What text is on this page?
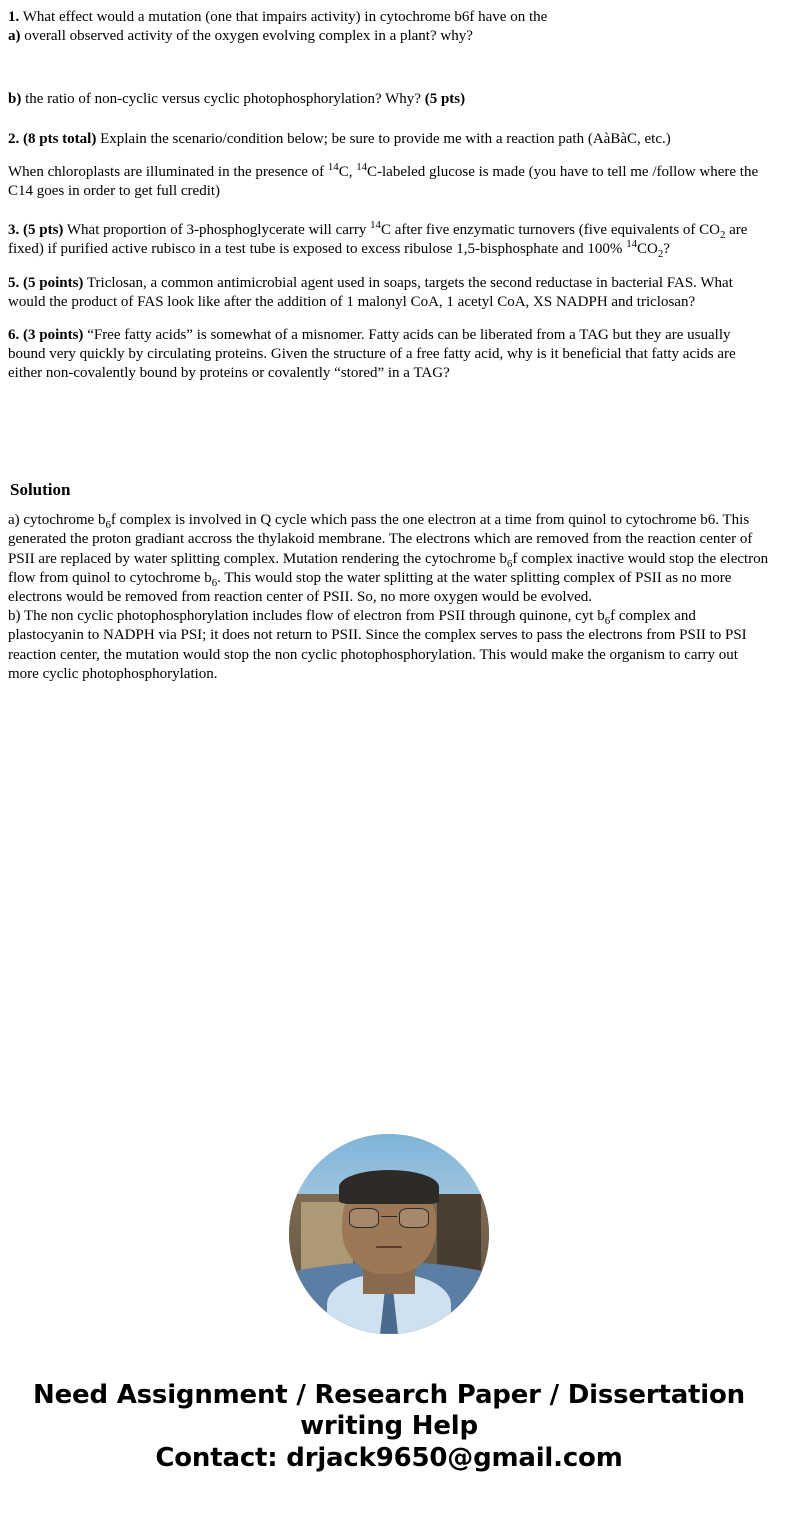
1. What effect would a mutation (one that impairs activity) in cytochrome b6f have on the

a) overall observed activity of the oxygen evolving complex in a plant? why?

b) the ratio of non-cyclic versus cyclic photophosphorylation? Why? (5 pts)

2. (8 pts total) Explain the scenario/condition below; be sure to provide me with a reaction path (AàBàC, etc.)

When chloroplasts are illuminated in the presence of $^{14}$C, $^{14}$C-labeled glucose is made (you have to tell me /follow where the C14 goes in order to get full credit)

3. (5 pts) What proportion of 3-phosphoglycerate will carry $^{14}$C after five enzymatic turnovers (five equivalents of $CO_2$ are fixed) if purified active rubisco in a test tube is exposed to excess ribulose 1,5-bisphosphate and 100% $^{14}CO_2$?

5. (5 points) Triclosan, a common antimicrobial agent used in soaps, targets the second reductase in bacterial FAS. What would the product of FAS look like after the addition of 1 malonyl CoA, 1 acetyl CoA, XS NADPH and triclosan?

6. (3 points) “Free fatty acids” is somewhat of a misnomer. Fatty acids can be liberated from a TAG but they are usually bound very quickly by circulating proteins. Given the structure of a free fatty acid, why is it beneficial that fatty acids are either non-covalently bound by proteins or covalently “stored” in a TAG?

Solution

a) cytochrome $b_6f$ complex is involved in Q cycle which pass the one electron at a time from quinol to cytochrome b6. This generated the proton gradiant accross the thylakoid membrane. The electrons which are removed from the reaction center of PSII are replaced by water splitting complex. Mutation rendering the cytochrome $b_6f$ complex inactive would stop the electron flow from quinol to cytochrome $b_6$. This would stop the water splitting at the water splitting complex of PSII as no more electrons would be removed from reaction center of PSII. So, no more oxygen would be evolved.

b) The non cyclic photophosphorylation includes flow of electron from PSII through quinone, cyt $b_6f$ complex and plastocyanin to NADPH via PSI; it does not return to PSII. Since the complex serves to pass the electrons from PSII to PSI reaction center, the mutation would stop the non cyclic photophosphorylation. This would make the organism to carry out more cyclic photophosphorylation.

Need Assignment / Research Paper / Dissertation
writing Help
Contact: drjack9650@gmail.com
